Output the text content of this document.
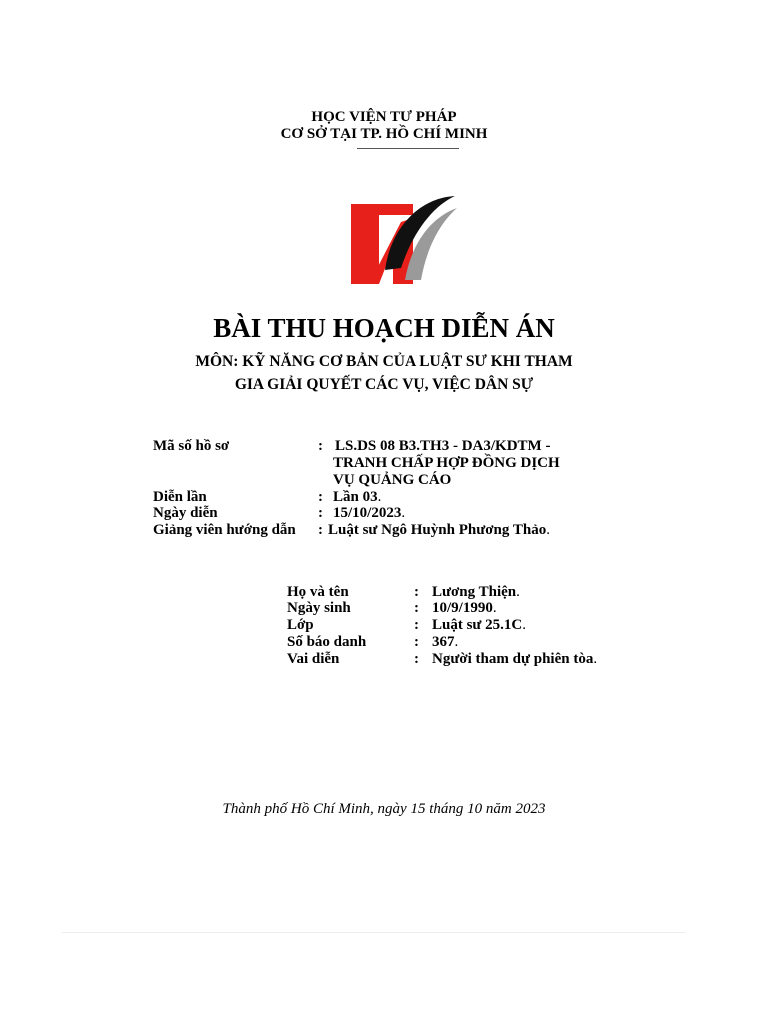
HỌC VIỆN TƯ PHÁP
CƠ SỞ TẠI TP. HỒ CHÍ MINH
BÀI THU HOẠCH DIỄN ÁN
MÔN: KỸ NĂNG CƠ BẢN CỦA LUẬT SƯ KHI THAM
GIA GIẢI QUYẾT CÁC VỤ, VIỆC DÂN SỰ
Mã số hồ sơ	: LS.DS 08 B3.TH3 - DA3/KDTM -
TRANH CHẤP HỢP ĐỒNG DỊCH
VỤ QUẢNG CÁO
Diễn lần	: Lần 03.
Ngày diễn	: 15/10/2023.
Giảng viên hướng dẫn : Luật sư Ngô Huỳnh Phương Thảo.
Họ và tên	: Lương Thiện.
Ngày sinh	: 10/9/1990.
Lớp	: Luật sư 25.1C.
Số báo danh	: 367.
Vai diễn	: Người tham dự phiên tòa.
Thành phố Hồ Chí Minh, ngày 15 tháng 10 năm 2023
